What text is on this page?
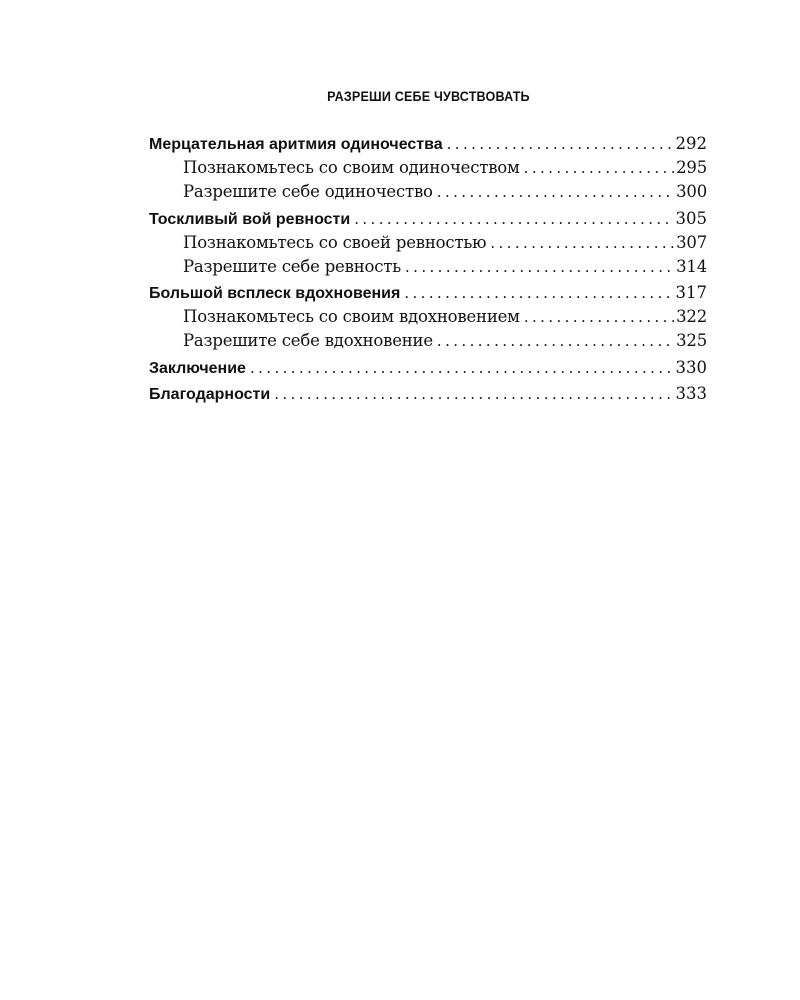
РАЗРЕШИ СЕБЕ ЧУВСТВОВАТЬ
Мерцательная аритмия одиночества .....	292
Познакомьтесь со своим одиночеством .....	295
Разрешите себе одиночество .....	300
Тоскливый вой ревности .....	305
Познакомьтесь со своей ревностью .....	307
Разрешите себе ревность .....	314
Большой всплеск вдохновения .....	317
Познакомьтесь со своим вдохновением .....	322
Разрешите себе вдохновение .....	325
Заключение .....	330
Благодарности .....	333
